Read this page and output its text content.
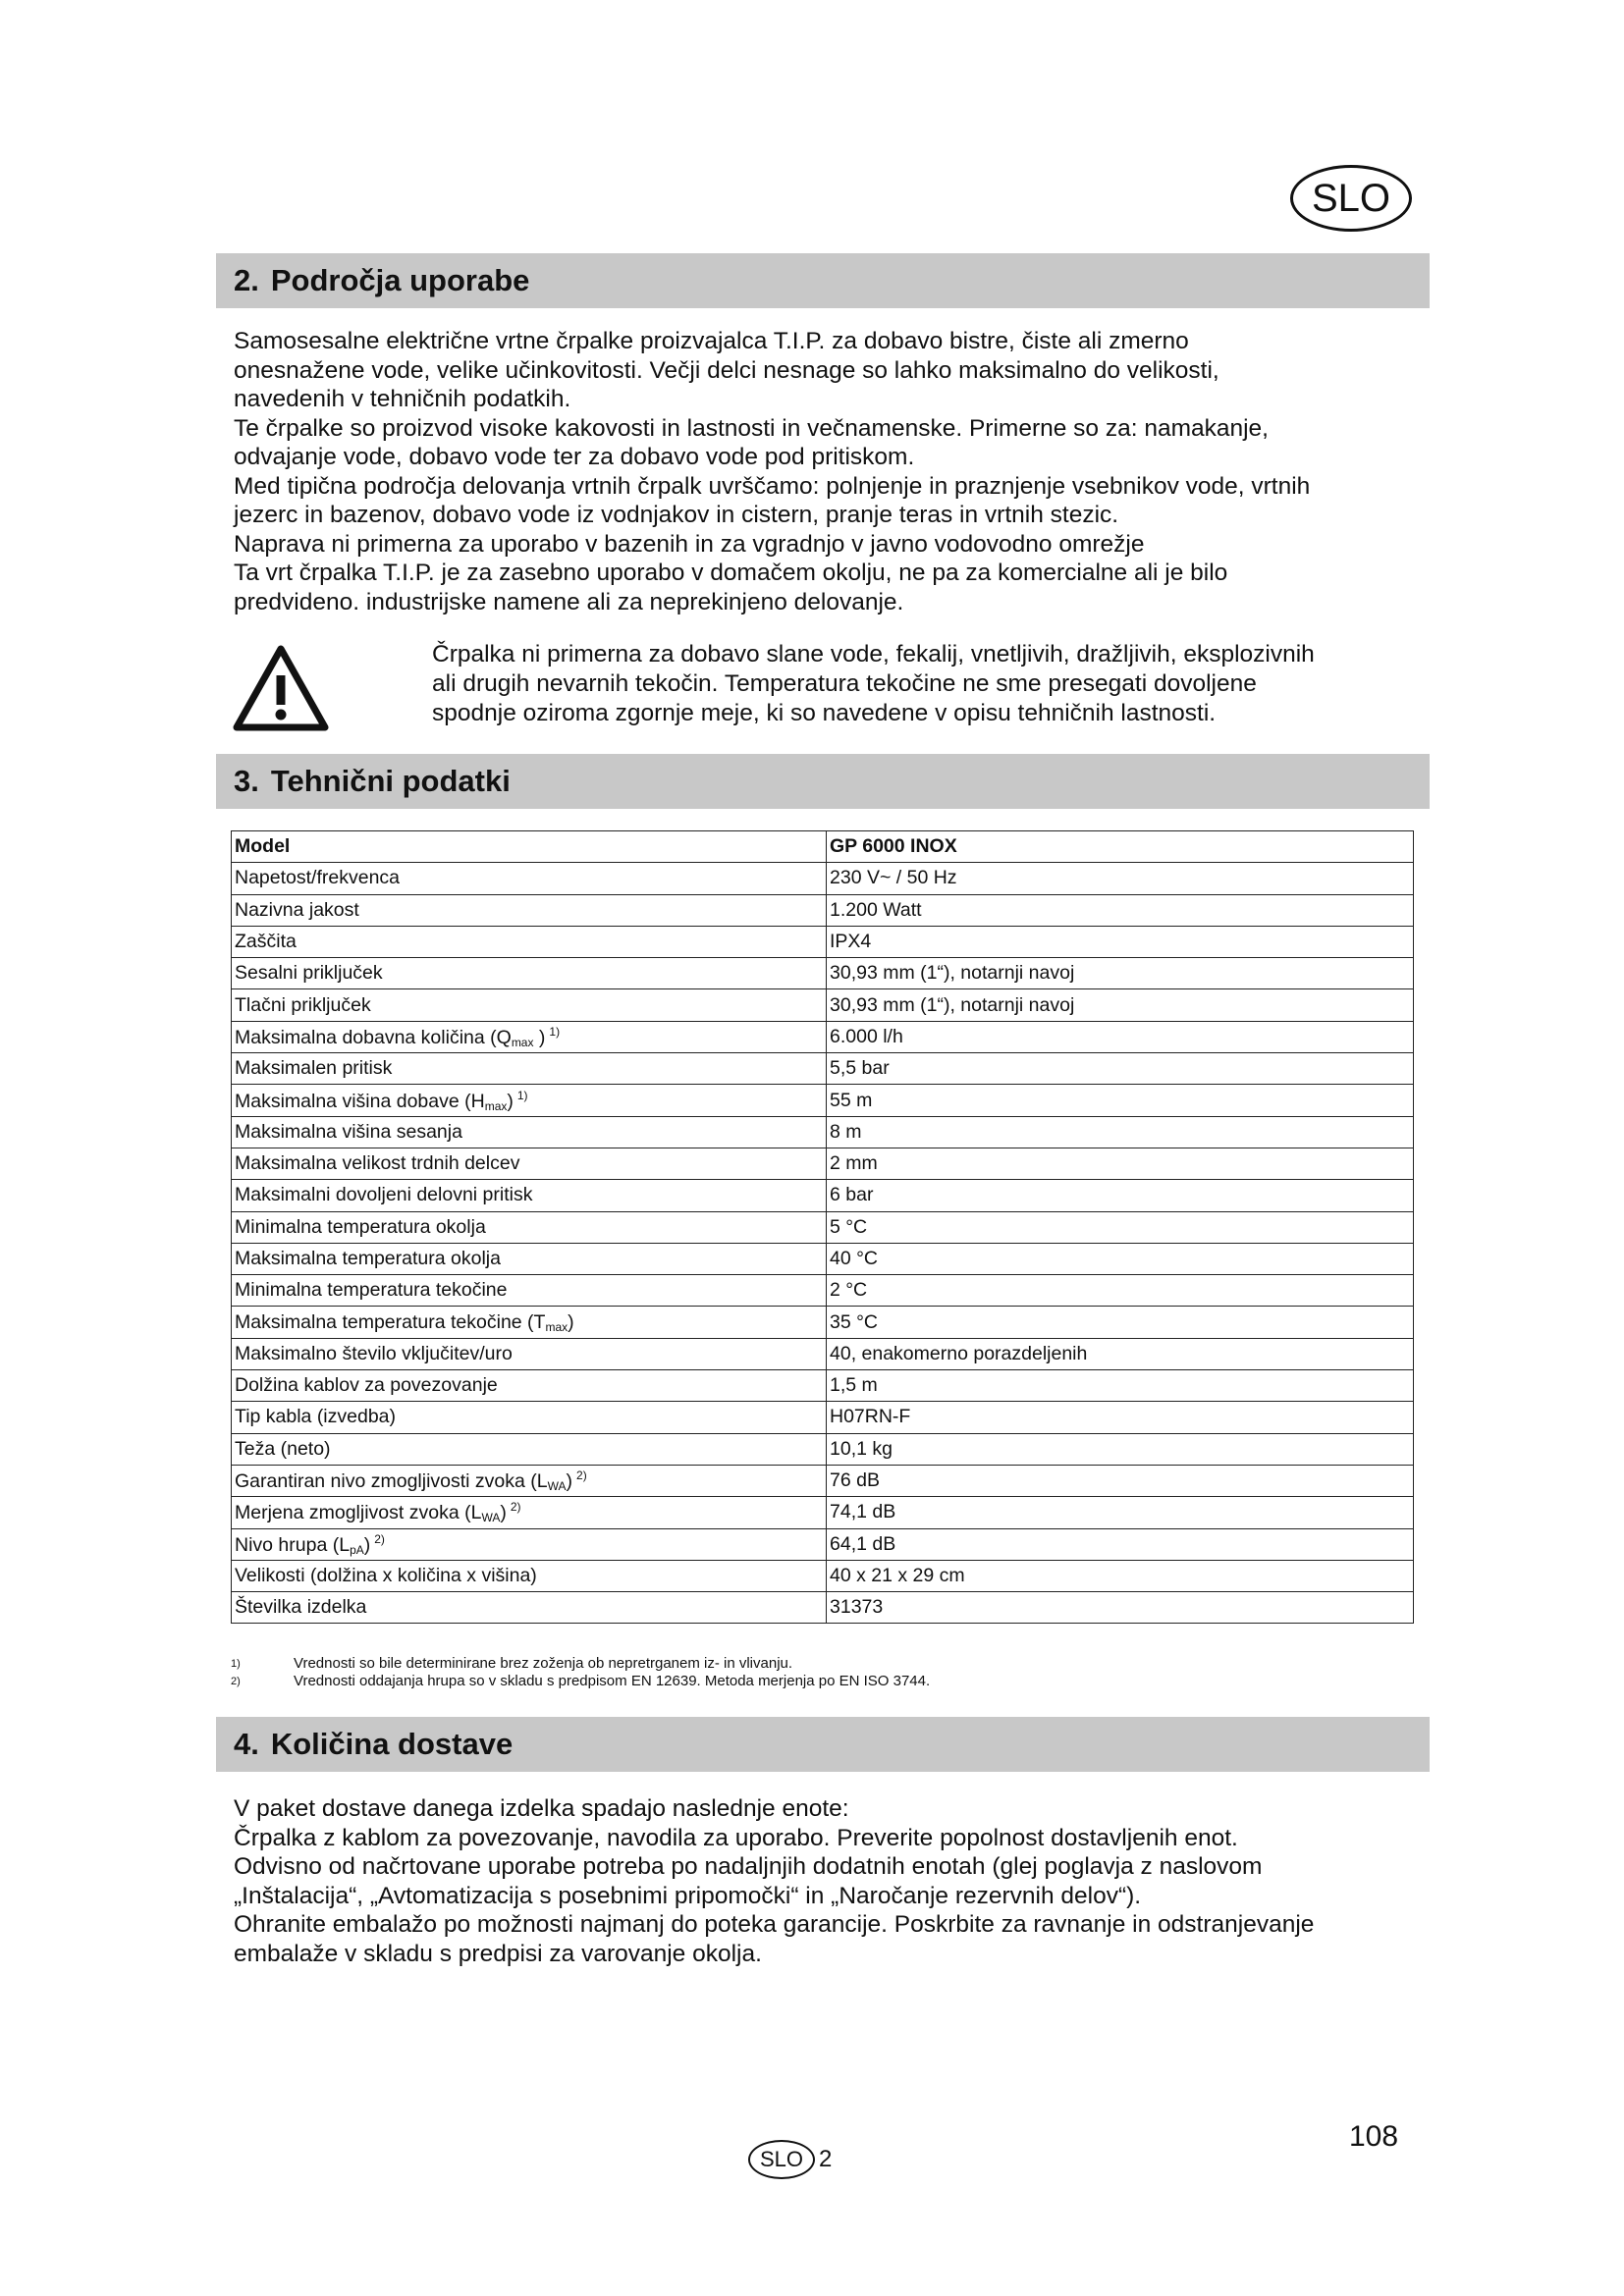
SLO
2. Področja uporabe

Samosesalne električne vrtne črpalke proizvajalca T.I.P. za dobavo bistre, čiste ali zmerno

onesnažene vode, velike učinkovitosti. Večji delci nesnage so lahko maksimalno do velikosti,

navedenih v tehničnih podatkih.

Te črpalke so proizvod visoke kakovosti in lastnosti in večnamenske. Primerne so za: namakanje,

odvajanje vode, dobavo vode ter za dobavo vode pod pritiskom.

Med tipična področja delovanja vrtnih črpalk uvrščamo: polnjenje in praznjenje vsebnikov vode, vrtnih

jezerc in bazenov, dobavo vode iz vodnjakov in cistern, pranje teras in vrtnih stezic.

Naprava ni primerna za uporabo v bazenih in za vgradnjo v javno vodovodno omrežje

Ta vrt črpalka T.I.P. je za zasebno uporabo v domačem okolju, ne pa za komercialne ali je bilo

predvideno. industrijske namene ali za neprekinjeno delovanje.

Črpalka ni primerna za dobavo slane vode, fekalij, vnetljivih, dražljivih, eksplozivnih

ali drugih nevarnih tekočin. Temperatura tekočine ne sme presegati dovoljene

spodnje oziroma zgornje meje, ki so navedene v opisu tehničnih lastnosti.

3. Tehnični podatki
Model	GP 6000 INOX
Napetost/frekvenca	230 V~ / 50 Hz
Nazivna jakost	1.200 Watt
Zaščita	IPX4
Sesalni priključek	30,93 mm (1“), notarnji navoj
Tlačni priključek	30,93 mm (1“), notarnji navoj
Maksimalna dobavna količina ($Q_{max}$ ) $^{1)}$	6.000 l/h
Maksimalen pritisk	5,5 bar
Maksimalna višina dobave $(H_{max})$ $^{1)}$	55 m
Maksimalna višina sesanja	8 m
Maksimalna velikost trdnih delcev	2 mm
Maksimalni dovoljeni delovni pritisk	6 bar
Minimalna temperatura okolja	5 °C
Maksimalna temperatura okolja	40 °C
Minimalna temperatura tekočine	2 °C
Maksimalna temperatura tekočine $(T_{max})$	35 °C
Maksimalno število vključitev/uro	40, enakomerno porazdeljenih
Dolžina kablov za povezovanje	1,5 m
Tip kabla (izvedba)	H07RN-F
Teža (neto)	10,1 kg
Garantiran nivo zmogljivosti zvoka $(L_{WA})$ $^{2)}$	76 dB
Merjena zmogljivost zvoka $(L_{WA})$ $^{2)}$	74,1 dB
Nivo hrupa $(L_{pA})$ $^{2)}$	64,1 dB
Velikosti (dolžina x količina x višina)	40 x 21 x 29 cm
Številka izdelka	31373
1)	Vrednosti so bile determinirane brez zoženja ob nepretrganem iz- in vlivanju.
2)	Vrednosti oddajanja hrupa so v skladu s predpisom EN 12639. Metoda merjenja po EN ISO 3744.
4. Količina dostave

V paket dostave danega izdelka spadajo naslednje enote:

Črpalka z kablom za povezovanje, navodila za uporabo. Preverite popolnost dostavljenih enot.

Odvisno od načrtovane uporabe potreba po nadaljnjih dodatnih enotah (glej poglavja z naslovom

„Inštalacija“, „Avtomatizacija s posebnimi pripomočki“ in „Naročanje rezervnih delov“).

Ohranite embalažo po možnosti najmanj do poteka garancije. Poskrbite za ravnanje in odstranjevanje

embalaže v skladu s predpisi za varovanje okolja.

108
SLO 2
